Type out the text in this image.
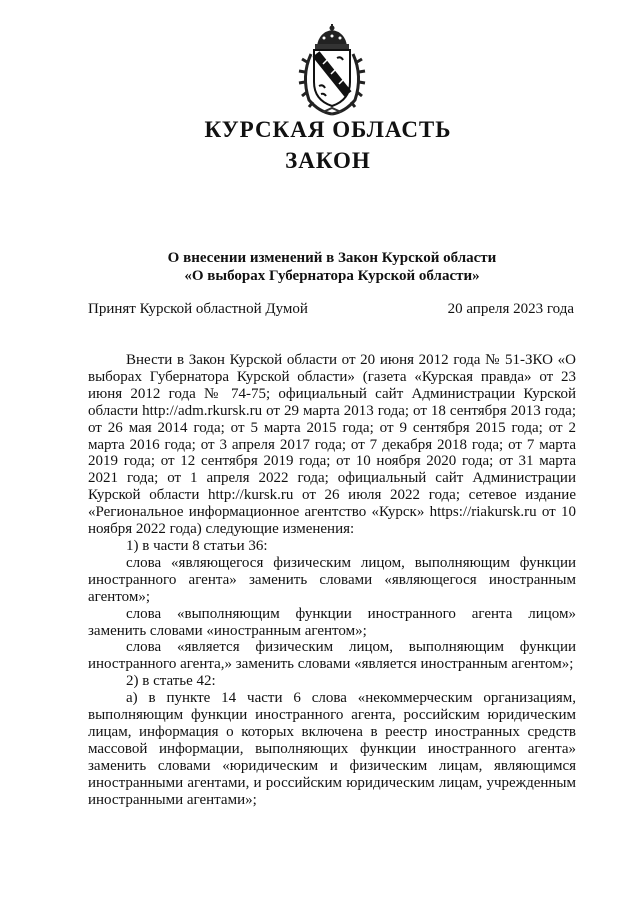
КУРСКАЯ ОБЛАСТЬ
ЗАКОН
О внесении изменений в Закон Курской области
«О выборах Губернатора Курской области»
Принят Курской областной Думой	20 апреля 2023 года

Внести в Закон Курской области от 20 июня 2012 года № 51-ЗКО «О выборах Губернатора Курской области» (газета «Курская правда» от 23 июня 2012 года № 74-75; официальный сайт Администрации Курской области http://adm.rkursk.ru от 29 марта 2013 года; от 18 сентября 2013 года; от 26 мая 2014 года; от 5 марта 2015 года; от 9 сентября 2015 года; от 2 марта 2016 года; от 3 апреля 2017 года; от 7 декабря 2018 года; от 7 марта 2019 года; от 12 сентября 2019 года; от 10 ноября 2020 года; от 31 марта 2021 года; от 1 апреля 2022 года; официальный сайт Администрации Курской области http://kursk.ru от 26 июля 2022 года; сетевое издание «Региональное информационное агентство «Курск» https://riakursk.ru от 10 ноября 2022 года) следующие изменения:

1) в части 8 статьи 36:

слова «являющегося физическим лицом, выполняющим функции иностранного агента» заменить словами «являющегося иностранным агентом»;

слова «выполняющим функции иностранного агента лицом» заменить словами «иностранным агентом»;

слова «является физическим лицом, выполняющим функции иностранного агента,» заменить словами «является иностранным агентом»;

2) в статье 42:

а) в пункте 14 части 6 слова «некоммерческим организациям, выполняющим функции иностранного агента, российским юридическим лицам, информация о которых включена в реестр иностранных средств массовой информации, выполняющих функции иностранного агента» заменить словами «юридическим и физическим лицам, являющимся иностранными агентами, и российским юридическим лицам, учрежденным иностранными агентами»;
